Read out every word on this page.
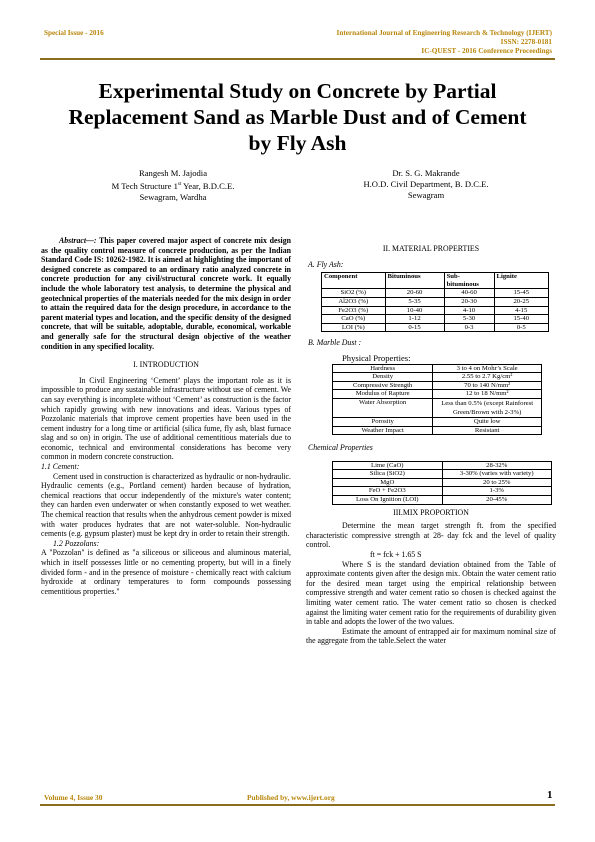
Special Issue - 2016	International Journal of Engineering Research & Technology (IJERT)
ISSN: 2278-0181
IC-QUEST - 2016 Conference Proceedings
Experimental Study on Concrete by Partial
Replacement Sand as Marble Dust and of Cement
by Fly Ash
Rangesh M. Jajodia
M Tech Structure 1st Year, B.D.C.E.
Sewagram, Wardha
Dr. S. G. Makrande
H.O.D. Civil Department, B. D.C.E.
Sewagram

Abstract—: This paper covered major aspect of concrete mix design as the quality control measure of concrete production, as per the Indian Standard Code IS: 10262-1982. It is aimed at highlighting the important of designed concrete as compared to an ordinary ratio analyzed concrete in concrete production for any civil/structural concrete work. It equally include the whole laboratory test analysis, to determine the physical and geotechnical properties of the materials needed for the mix design in order to attain the required data for the design procedure, in accordance to the parent material types and location, and the specific density of the designed concrete, that will be suitable, adoptable, durable, economical, workable and generally safe for the structural design objective of the weather condition in any specified locality.

I. INTRODUCTION

In Civil Engineering ‘Cement’ plays the important role as it is impossible to produce any sustainable infrastructure without use of cement. We can say everything is incomplete without ‘Cement’ as construction is the factor which rapidly growing with new innovations and ideas. Various types of Pozzolanic materials that improve cement properties have been used in the cement industry for a long time or artificial (silica fume, fly ash, blast furnace slag and so on) in origin. The use of additional cementitious materials due to economic, technical and environmental considerations has become very common in modern concrete construction.

1.1 Cement:

Cement used in construction is characterized as hydraulic or non-hydraulic. Hydraulic cements (e.g., Portland cement) harden because of hydration, chemical reactions that occur independently of the mixture's water content; they can harden even underwater or when constantly exposed to wet weather. The chemical reaction that results when the anhydrous cement powder is mixed with water produces hydrates that are not water-soluble. Non-hydraulic cements (e.g. gypsum plaster) must be kept dry in order to retain their strength.

1.2 Pozzolans:

A "Pozzolan" is defined as "a siliceous or siliceous and aluminous material, which in itself possesses little or no cementing property, but will in a finely divided form - and in the presence of moisture - chemically react with calcium hydroxide at ordinary temperatures to form compounds possessing cementitious properties."

II. MATERIAL PROPERTIES

A. Fly Ash:

Component	Bituminous	Sub-bituminous	Lignite
SiO2 (%)	20-60	40-60	15-45
Al2O3 (%)	5-35	20-30	20-25
Fe2O3 (%)	10-40	4-10	4-15
CaO (%)	1-12	5-30	15-40
LOI (%)	0-15	0-3	0-5

B. Marble Dust :

Physical Properties:

Hardness	3 to 4 on Mohr’s Scale
Density	2.55 to 2.7 Kg/cm²
Compressive Strength	70 to 140 N/mm²
Modulus of Rapture	12 to 18 N/mm²
Water Absorption	Less than 0.5% (except Rainforest Green/Brown with 2-3%)
Porosity	Quite low
Weather Impact	Resistant

Chemical Properties

Lime (CaO)	28-32%
Silica (SiO2)	3-30% (varies with variety)
MgO	20 to 25%
FeO + Fe2O3	1-3%
Loss On Ignition (LOI)	20-45%

III.MIX PROPORTION

Determine the mean target strength ft. from the specified characteristic compressive strength at 28- day fck and the level of quality control.

ft = fck + 1.65 S

Where S is the standard deviation obtained from the Table of approximate contents given after the design mix. Obtain the water cement ratio for the desired mean target using the empirical relationship between compressive strength and water cement ratio so chosen is checked against the limiting water cement ratio. The water cement ratio so chosen is checked against the limiting water cement ratio for the requirements of durability given in table and adopts the lower of the two values.

Estimate the amount of entrapped air for maximum nominal size of the aggregate from the table.Select the water

Volume 4, Issue 30	Published by, www.ijert.org	1
